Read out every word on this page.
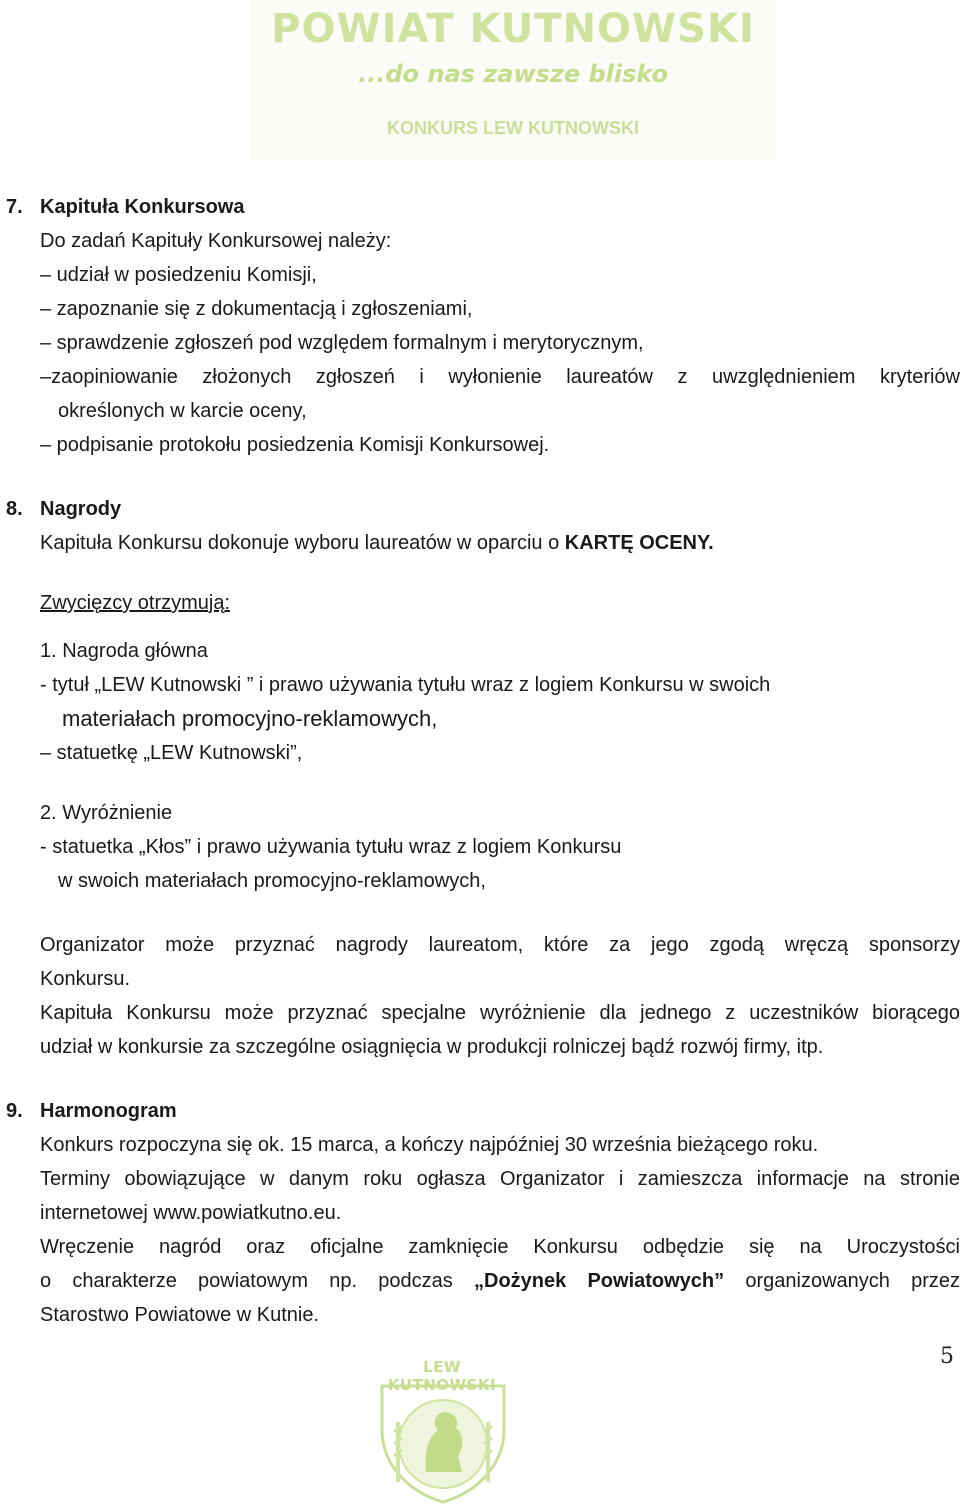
POWIAT KUTNOWSKI
...do nas zawsze blisko
KONKURS LEW KUTNOWSKI
7. Kapituła Konkursowa
Do zadań Kapituły Konkursowej należy:
– udział w posiedzeniu Komisji,
– zapoznanie się z dokumentacją i zgłoszeniami,
– sprawdzenie zgłoszeń pod względem formalnym i merytorycznym,
–zaopiniowanie złożonych zgłoszeń i wyłonienie laureatów z uwzględnieniem kryteriów
określonych w karcie oceny,
– podpisanie protokołu posiedzenia Komisji Konkursowej.
8. Nagrody
Kapituła Konkursu dokonuje wyboru laureatów w oparciu o KARTĘ OCENY.
Zwycięzcy otrzymują:
1. Nagroda główna
- tytuł „LEW Kutnowski ” i prawo używania tytułu wraz z logiem Konkursu w swoich
materiałach promocyjno-reklamowych,
– statuetkę „LEW Kutnowski”,
2. Wyróżnienie
- statuetka „Kłos” i prawo używania tytułu wraz z logiem Konkursu
w swoich materiałach promocyjno-reklamowych,
Organizator może przyznać nagrody laureatom, które za jego zgodą wręczą sponsorzy
Konkursu.
Kapituła Konkursu może przyznać specjalne wyróżnienie dla jednego z uczestników biorącego
udział w konkursie za szczególne osiągnięcia w produkcji rolniczej bądź rozwój firmy, itp.
9. Harmonogram
Konkurs rozpoczyna się ok. 15 marca, a kończy najpóźniej 30 września bieżącego roku.
Terminy obowiązujące w danym roku ogłasza Organizator i zamieszcza informacje na stronie
internetowej www.powiatkutno.eu.
Wręczenie nagród oraz oficjalne zamknięcie Konkursu odbędzie się na Uroczystości
o charakterze powiatowym np. podczas „Dożynek Powiatowych” organizowanych przez
Starostwo Powiatowe w Kutnie.
5
LEW KUTNOWSKI
